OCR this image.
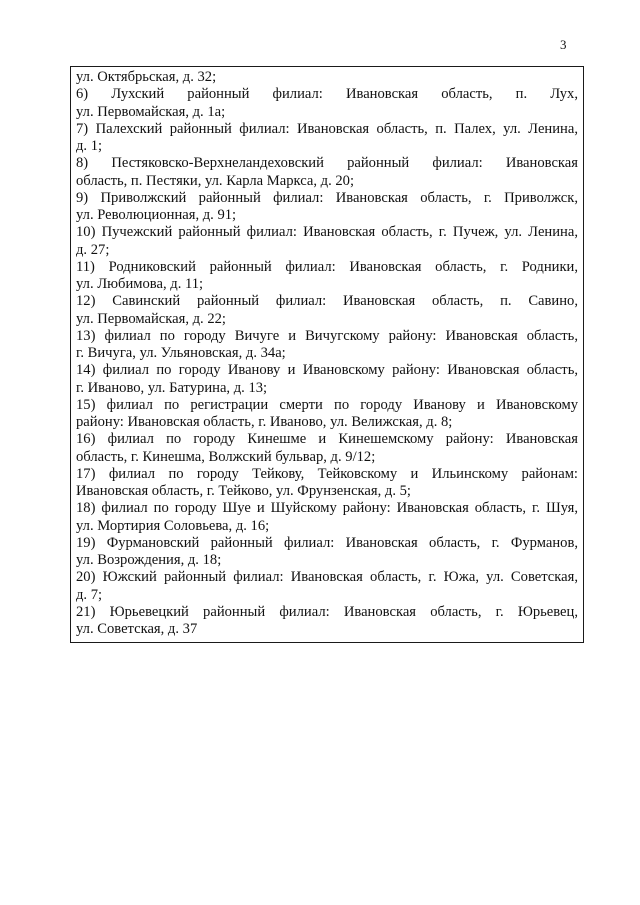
3
ул. Октябрьская, д. 32;
6) Лухский районный филиал: Ивановская область, п. Лух,
ул. Первомайская, д. 1а;
7) Палехский районный филиал: Ивановская область, п. Палех, ул. Ленина,
д. 1;
8) Пестяковско-Верхнеландеховский районный филиал: Ивановская
область, п. Пестяки, ул. Карла Маркса, д. 20;
9) Приволжский районный филиал: Ивановская область, г. Приволжск,
ул. Революционная, д. 91;
10) Пучежский районный филиал: Ивановская область, г. Пучеж, ул. Ленина,
д. 27;
11) Родниковский районный филиал: Ивановская область, г. Родники,
ул. Любимова, д. 11;
12) Савинский районный филиал: Ивановская область, п. Савино,
ул. Первомайская, д. 22;
13) филиал по городу Вичуге и Вичугскому району: Ивановская область,
г. Вичуга, ул. Ульяновская, д. 34а;
14) филиал по городу Иванову и Ивановскому району: Ивановская область,
г. Иваново, ул. Батурина, д. 13;
15) филиал по регистрации смерти по городу Иванову и Ивановскому
району: Ивановская область, г. Иваново, ул. Велижская, д. 8;
16) филиал по городу Кинешме и Кинешемскому району: Ивановская
область, г. Кинешма, Волжский бульвар, д. 9/12;
17) филиал по городу Тейкову, Тейковскому и Ильинскому районам:
Ивановская область, г. Тейково, ул. Фрунзенская, д. 5;
18) филиал по городу Шуе и Шуйскому району: Ивановская область, г. Шуя,
ул. Мортирия Соловьева, д. 16;
19) Фурмановский районный филиал: Ивановская область, г. Фурманов,
ул. Возрождения, д. 18;
20) Южский районный филиал: Ивановская область, г. Южа, ул. Советская,
д. 7;
21) Юрьевецкий районный филиал: Ивановская область, г. Юрьевец,
ул. Советская, д. 37
